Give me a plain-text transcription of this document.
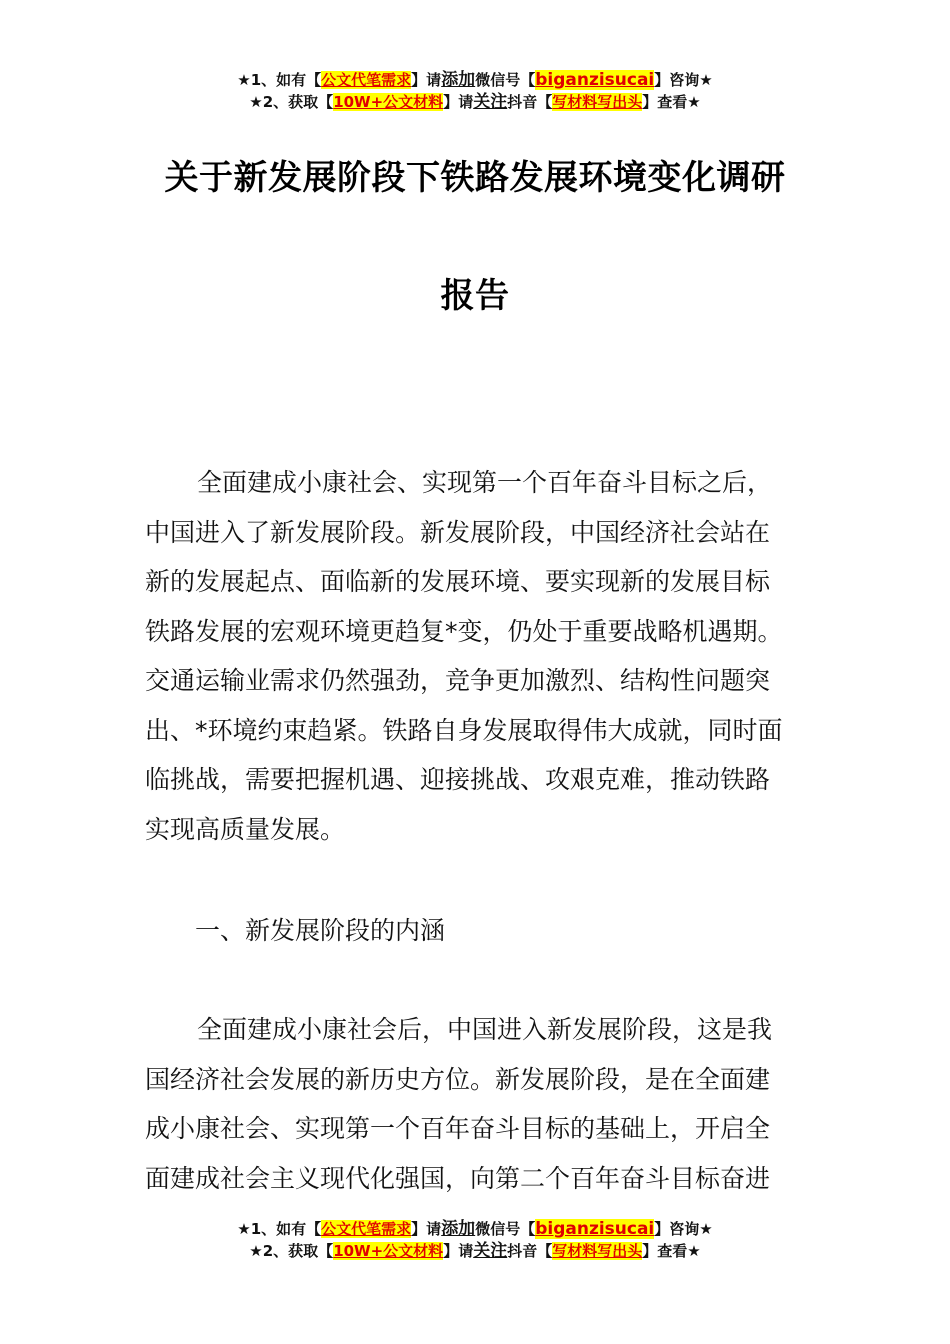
★1、如有【公文代笔需求】请添加微信号【biganzisucai】咨询★
★2、获取【10W+公文材料】请关注抖音【写材料写出头】查看★
关于新发展阶段下铁路发展环境变化调研
报告
全面建成小康社会、实现第一个百年奋斗目标之后，
中国进入了新发展阶段。新发展阶段，中国经济社会站在
新的发展起点、面临新的发展环境、要实现新的发展目标
铁路发展的宏观环境更趋复*变，仍处于重要战略机遇期。
交通运输业需求仍然强劲，竞争更加激烈、结构性问题突
出、*环境约束趋紧。铁路自身发展取得伟大成就，同时面
临挑战，需要把握机遇、迎接挑战、攻艰克难，推动铁路
实现高质量发展。
一、新发展阶段的内涵
全面建成小康社会后，中国进入新发展阶段，这是我
国经济社会发展的新历史方位。新发展阶段，是在全面建
成小康社会、实现第一个百年奋斗目标的基础上，开启全
面建成社会主义现代化强国，向第二个百年奋斗目标奋进
★1、如有【公文代笔需求】请添加微信号【biganzisucai】咨询★
★2、获取【10W+公文材料】请关注抖音【写材料写出头】查看★
